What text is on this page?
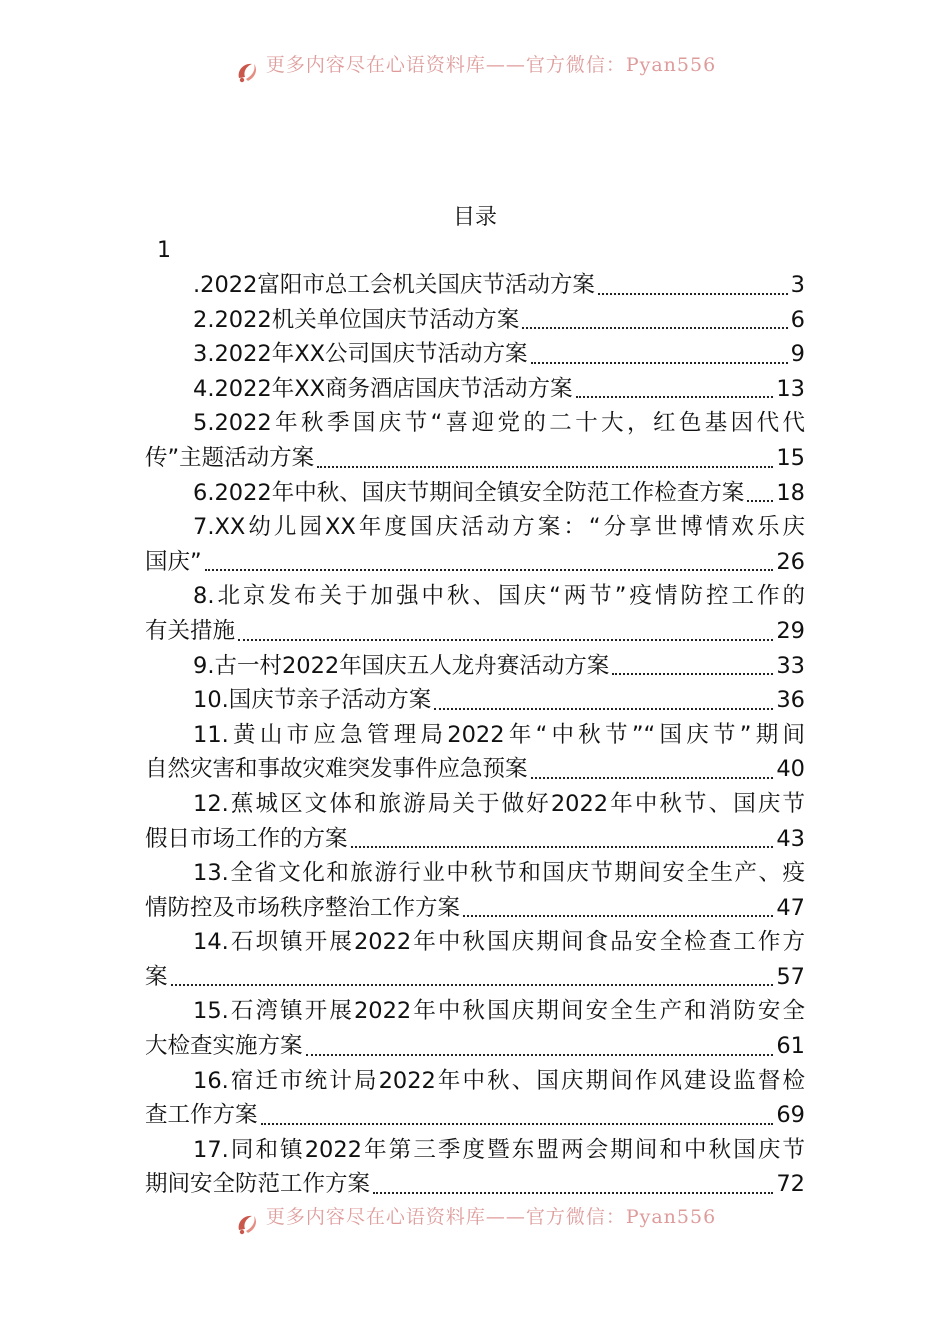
更多内容尽在心语资料库——官方微信：Pyan556
目录
1
.2022富阳市总工会机关国庆节活动方案	3
2.2022机关单位国庆节活动方案	6
3.2022年XX公司国庆节活动方案	9
4.2022年XX商务酒店国庆节活动方案	13
5.2022年秋季国庆节“喜迎党的二十大，红色基因代代
传”主题活动方案	15
6.2022年中秋、国庆节期间全镇安全防范工作检查方案 18
7.XX幼儿园XX年度国庆活动方案：“分享世博情欢乐庆
国庆”	26
8.北京发布关于加强中秋、国庆“两节”疫情防控工作的
有关措施	29
9.古一村2022年国庆五人龙舟赛活动方案	33
10.国庆节亲子活动方案	36
11.黄山市应急管理局2022年“中秋节”“国庆节”期间
自然灾害和事故灾难突发事件应急预案	40
12.蕉城区文体和旅游局关于做好2022年中秋节、国庆节
假日市场工作的方案	43
13.全省文化和旅游行业中秋节和国庆节期间安全生产、疫
情防控及市场秩序整治工作方案	47
14.石坝镇开展2022年中秋国庆期间食品安全检查工作方
案	57
15.石湾镇开展2022年中秋国庆期间安全生产和消防安全
大检查实施方案	61
16.宿迁市统计局2022年中秋、国庆期间作风建设监督检
查工作方案	69
17.同和镇2022年第三季度暨东盟两会期间和中秋国庆节
期间安全防范工作方案	72
更多内容尽在心语资料库——官方微信：Pyan556
